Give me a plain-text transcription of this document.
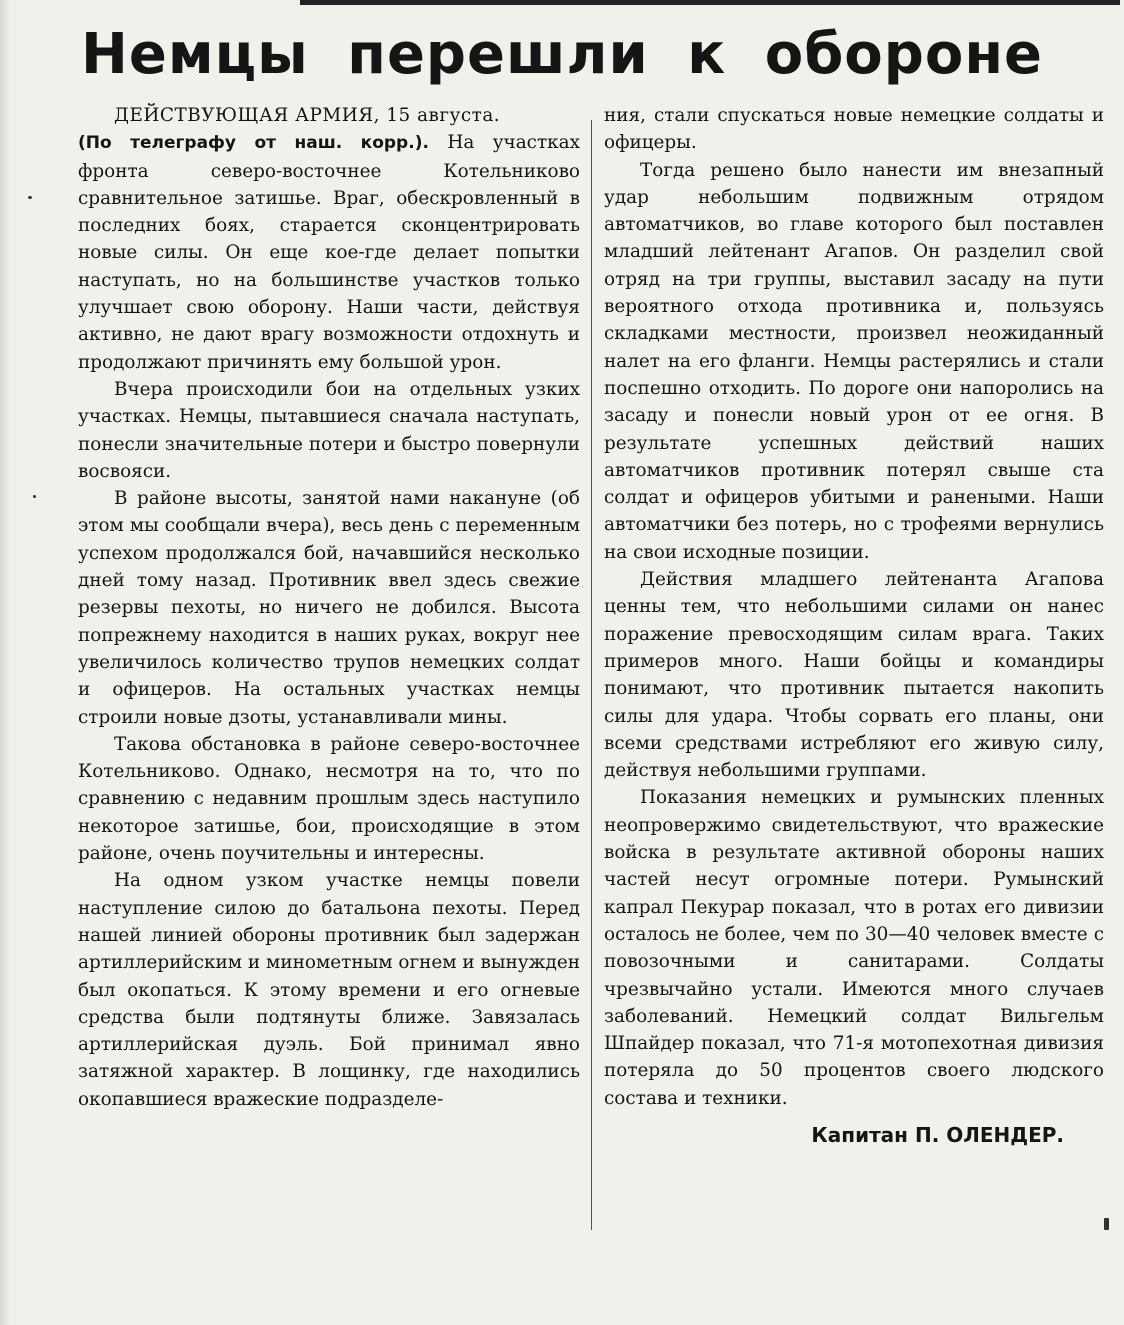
Немцы перешли к обороне

ДЕЙСТВУЮЩАЯ АРМИЯ, 15 августа.
(По телеграфу от наш. корр.). На участках фронта северо-восточнее Котельниково сравнительное затишье. Враг, обескровленный в последних боях, старается сконцентрировать новые силы. Он еще кое-где делает попытки наступать, но на большинстве участков только улучшает свою оборону. Наши части, действуя активно, не дают врагу возможности отдохнуть и продолжают причинять ему большой урон.

Вчера происходили бои на отдельных узких участках. Немцы, пытавшиеся сначала наступать, понесли значительные потери и быстро повернули восвояси.

В районе высоты, занятой нами накануне (об этом мы сообщали вчера), весь день с переменным успехом продолжался бой, начавшийся несколько дней тому назад. Противник ввел здесь свежие резервы пехоты, но ничего не добился. Высота попрежнему находится в наших руках, вокруг нее увеличилось количество трупов немецких солдат и офицеров. На остальных участках немцы строили новые дзоты, устанавливали мины.

Такова обстановка в районе северо-восточнее Котельниково. Однако, несмотря на то, что по сравнению с недавним прошлым здесь наступило некоторое затишье, бои, происходящие в этом районе, очень поучительны и интересны.

На одном узком участке немцы повели наступление силою до батальона пехоты. Перед нашей линией обороны противник был задержан артиллерийским и минометным огнем и вынужден был окопаться. К этому времени и его огневые средства были подтянуты ближе. Завязалась артиллерийская дуэль. Бой принимал явно затяжной характер. В лощинку, где находились окопавшиеся вражеские подразделе-

ния, стали спускаться новые немецкие солдаты и офицеры.

Тогда решено было нанести им внезапный удар небольшим подвижным отрядом автоматчиков, во главе которого был поставлен младший лейтенант Агапов. Он разделил свой отряд на три группы, выставил засаду на пути вероятного отхода противника и, пользуясь складками местности, произвел неожиданный налет на его фланги. Немцы растерялись и стали поспешно отходить. По дороге они напоролись на засаду и понесли новый урон от ее огня. В результате успешных действий наших автоматчиков противник потерял свыше ста солдат и офицеров убитыми и ранеными. Наши автоматчики без потерь, но с трофеями вернулись на свои исходные позиции.

Действия младшего лейтенанта Агапова ценны тем, что небольшими силами он нанес поражение превосходящим силам врага. Таких примеров много. Наши бойцы и командиры понимают, что противник пытается накопить силы для удара. Чтобы сорвать его планы, они всеми средствами истребляют его живую силу, действуя небольшими группами.

Показания немецких и румынских пленных неопровержимо свидетельствуют, что вражеские войска в результате активной обороны наших частей несут огромные потери. Румынский капрал Пекурар показал, что в ротах его дивизии осталось не более, чем по 30—40 человек вместе с повозочными и санитарами. Солдаты чрезвычайно устали. Имеются много случаев заболеваний. Немецкий солдат Вильгельм Шпайдер показал, что 71-я мотопехотная дивизия потеряла до 50 процентов своего людского состава и техники.

Капитан П. ОЛЕНДЕР.
